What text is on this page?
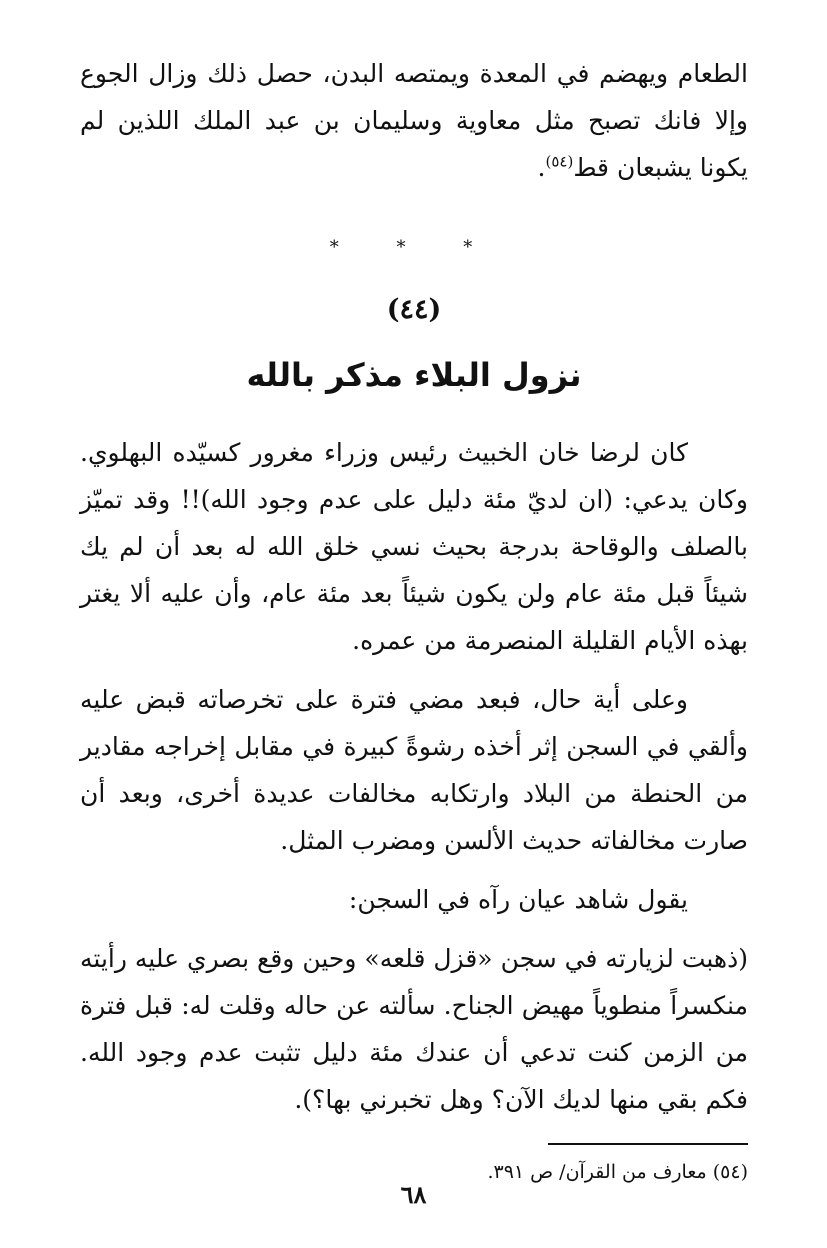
الطعام ويهضم في المعدة ويمتصه البدن، حصل ذلك وزال الجوع وإلا فانك تصبح مثل معاوية وسليمان بن عبد الملك اللذين لم يكونا يشبعان قط$^{(٥٤)}$.

* * *
(٤٤)
نزول البلاء مذكر بالله

كان لرضا خان الخبيث رئيس وزراء مغرور كسيّده البهلوي. وكان يدعي: (ان لديّ مئة دليل على عدم وجود الله)!! وقد تميّز بالصلف والوقاحة بدرجة بحيث نسي خلق الله له بعد أن لم يك شيئاً قبل مئة عام ولن يكون شيئاً بعد مئة عام، وأن عليه ألا يغتر بهذه الأيام القليلة المنصرمة من عمره.

وعلى أية حال، فبعد مضي فترة على تخرصاته قبض عليه وألقي في السجن إثر أخذه رشوةً كبيرة في مقابل إخراجه مقادير من الحنطة من البلاد وارتكابه مخالفات عديدة أخرى، وبعد أن صارت مخالفاته حديث الألسن ومضرب المثل.

يقول شاهد عيان رآه في السجن:

(ذهبت لزيارته في سجن «قزل قلعه» وحين وقع بصري عليه رأيته منكسراً منطوياً مهيض الجناح. سألته عن حاله وقلت له: قبل فترة من الزمن كنت تدعي أن عندك مئة دليل تثبت عدم وجود الله. فكم بقي منها لديك الآن؟ وهل تخبرني بها؟).

(٥٤) معارف من القرآن/ ص ٣٩١.
٦٨
